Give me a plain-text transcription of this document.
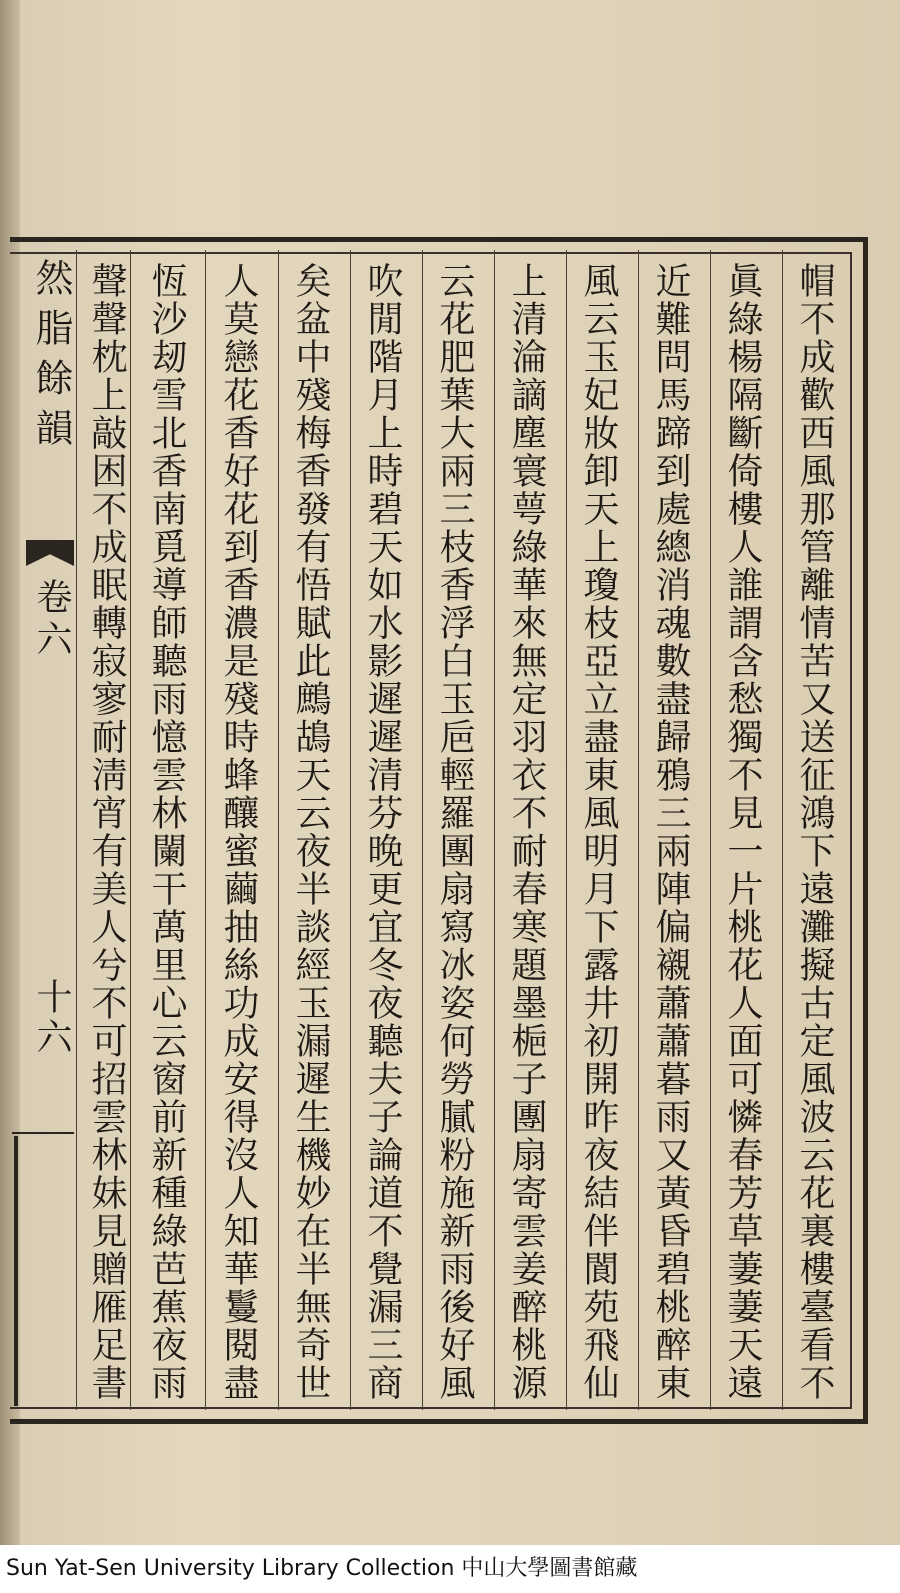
帽不成歡西風那管離情苦又送征鴻下遠灘擬古定風波云花裏樓臺看不
眞綠楊隔斷倚樓人誰謂含愁獨不見一片桃花人面可憐春芳草萋萋天遠
近難問馬蹄到處總消魂數盡歸鴉三兩陣偏襯蕭蕭暮雨又黃昏碧桃醉東
風云玉妃妝卸天上瓊枝亞立盡東風明月下露井初開昨夜結伴閬苑飛仙
上清淪謫塵寰萼綠華來無定羽衣不耐春寒題墨梔子團扇寄雲姜醉桃源
云花肥葉大兩三枝香浮白玉巵輕羅團扇寫冰姿何勞膩粉施新雨後好風
吹閒階月上時碧天如水影遲遲清芬晚更宜冬夜聽夫子論道不覺漏三商
矣盆中殘梅香發有悟賦此鷓鴣天云夜半談經玉漏遲生機妙在半無奇世
人莫戀花香好花到香濃是殘時蜂釀蜜繭抽絲功成安得沒人知華鬘閱盡
恆沙刼雪北香南覓導師聽雨憶雲林闌干萬里心云窗前新種綠芭蕉夜雨
聲聲枕上敲困不成眠轉寂寥耐淸宵有美人兮不可招雲林妹見贈雁足書
然脂餘韻
卷六
十六
Sun Yat-Sen University Library Collection 中山大學圖書館藏
